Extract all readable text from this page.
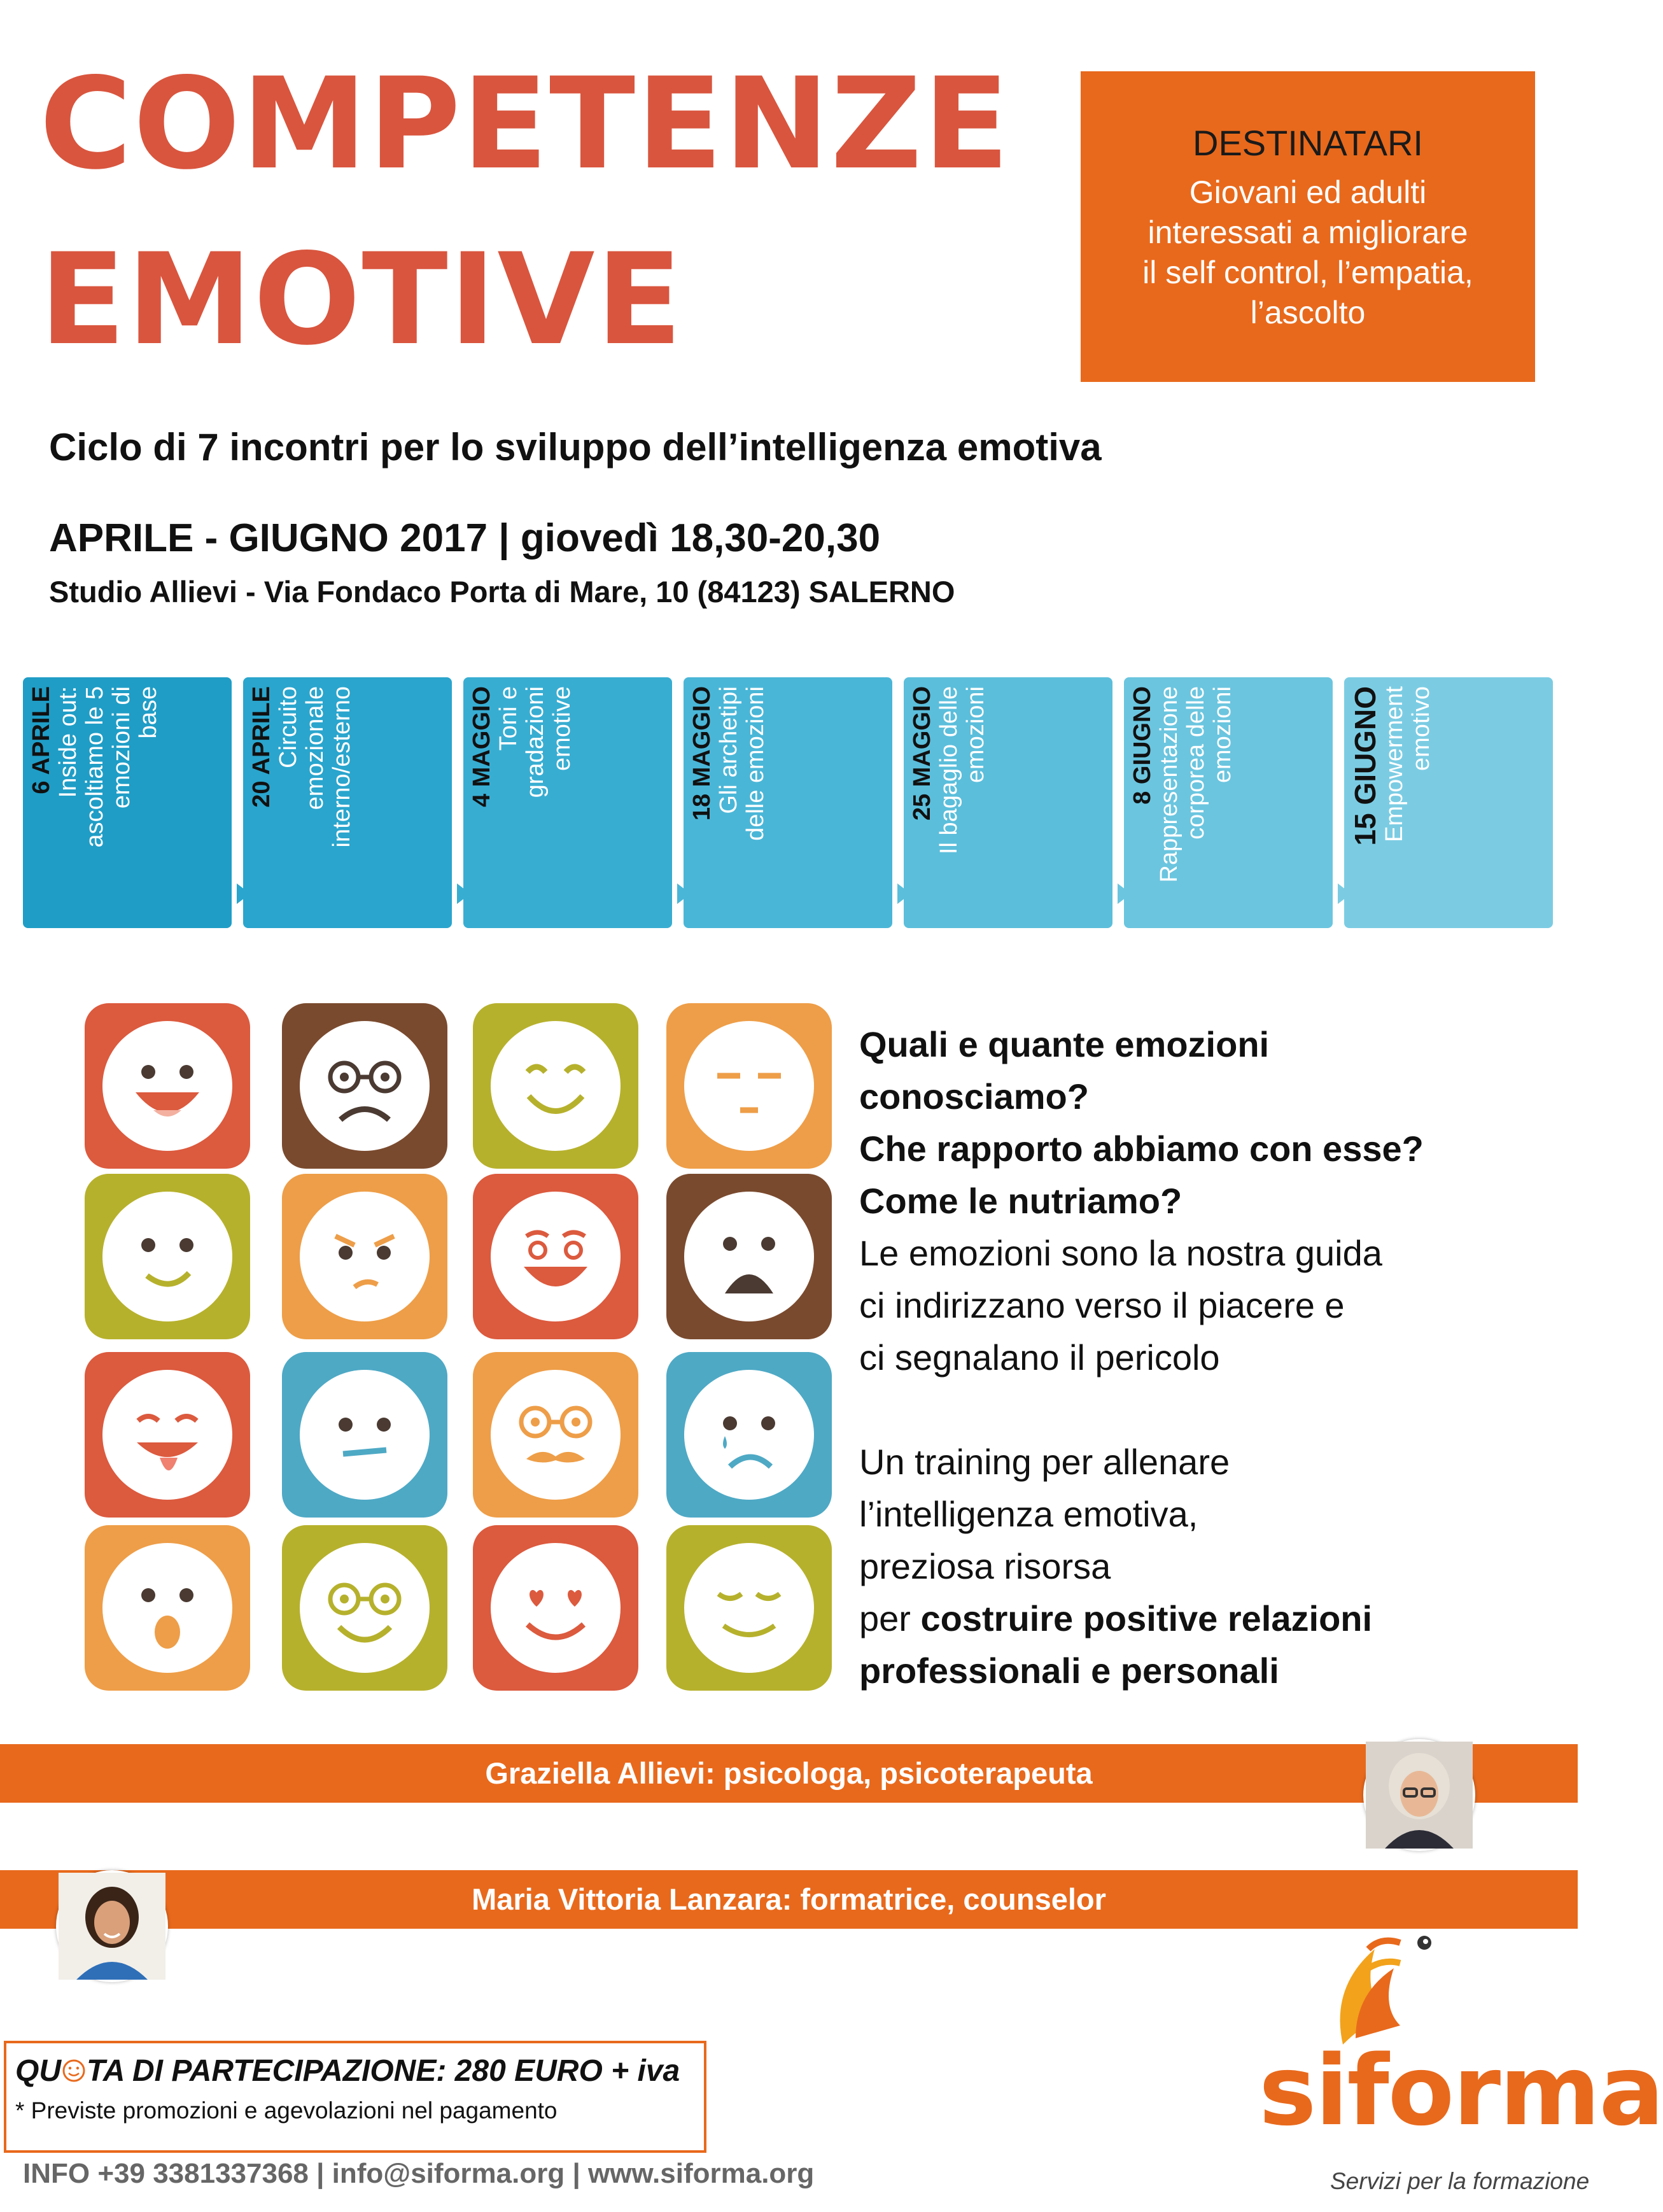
COMPETENZE
EMOTIVE
DESTINATARI
Giovani ed adulti
interessati a migliorare
il self control, l’empatia,
l’ascolto
Ciclo di 7 incontri per lo sviluppo dell’intelligenza emotiva
APRILE - GIUGNO 2017 | giovedì 18,30-20,30
Studio Allievi - Via Fondaco Porta di Mare, 10 (84123) SALERNO
6 APRILE Inside out: ascoltiamo le 5 emozioni di base	20 APRILE Circuito emozionale interno/esterno	4 MAGGIO Toni e gradazioni emotive	18 MAGGIO Gli archetipi delle emozioni	25 MAGGIO Il bagaglio delle emozioni	8 GIUGNO Rappresentazione corporea delle emozioni	15 GIUGNO Empowerment emotivo
Quali e quante emozioni
conosciamo?
Che rapporto abbiamo con esse?
Come le nutriamo?
Le emozioni sono la nostra guida
ci indirizzano verso il piacere e
ci segnalano il pericolo
Un training per allenare
l’intelligenza emotiva,
preziosa risorsa
per costruire positive relazioni
professionali e personali
Graziella Allievi: psicologa, psicoterapeuta
Maria Vittoria Lanzara: formatrice, counselor
QU TA DI PARTECIPAZIONE: 280 EURO + iva
* Previste promozioni e agevolazioni nel pagamento
INFO +39 3381337368 | info@siforma.org | www.siforma.org
siforma
Servizi per la formazione
